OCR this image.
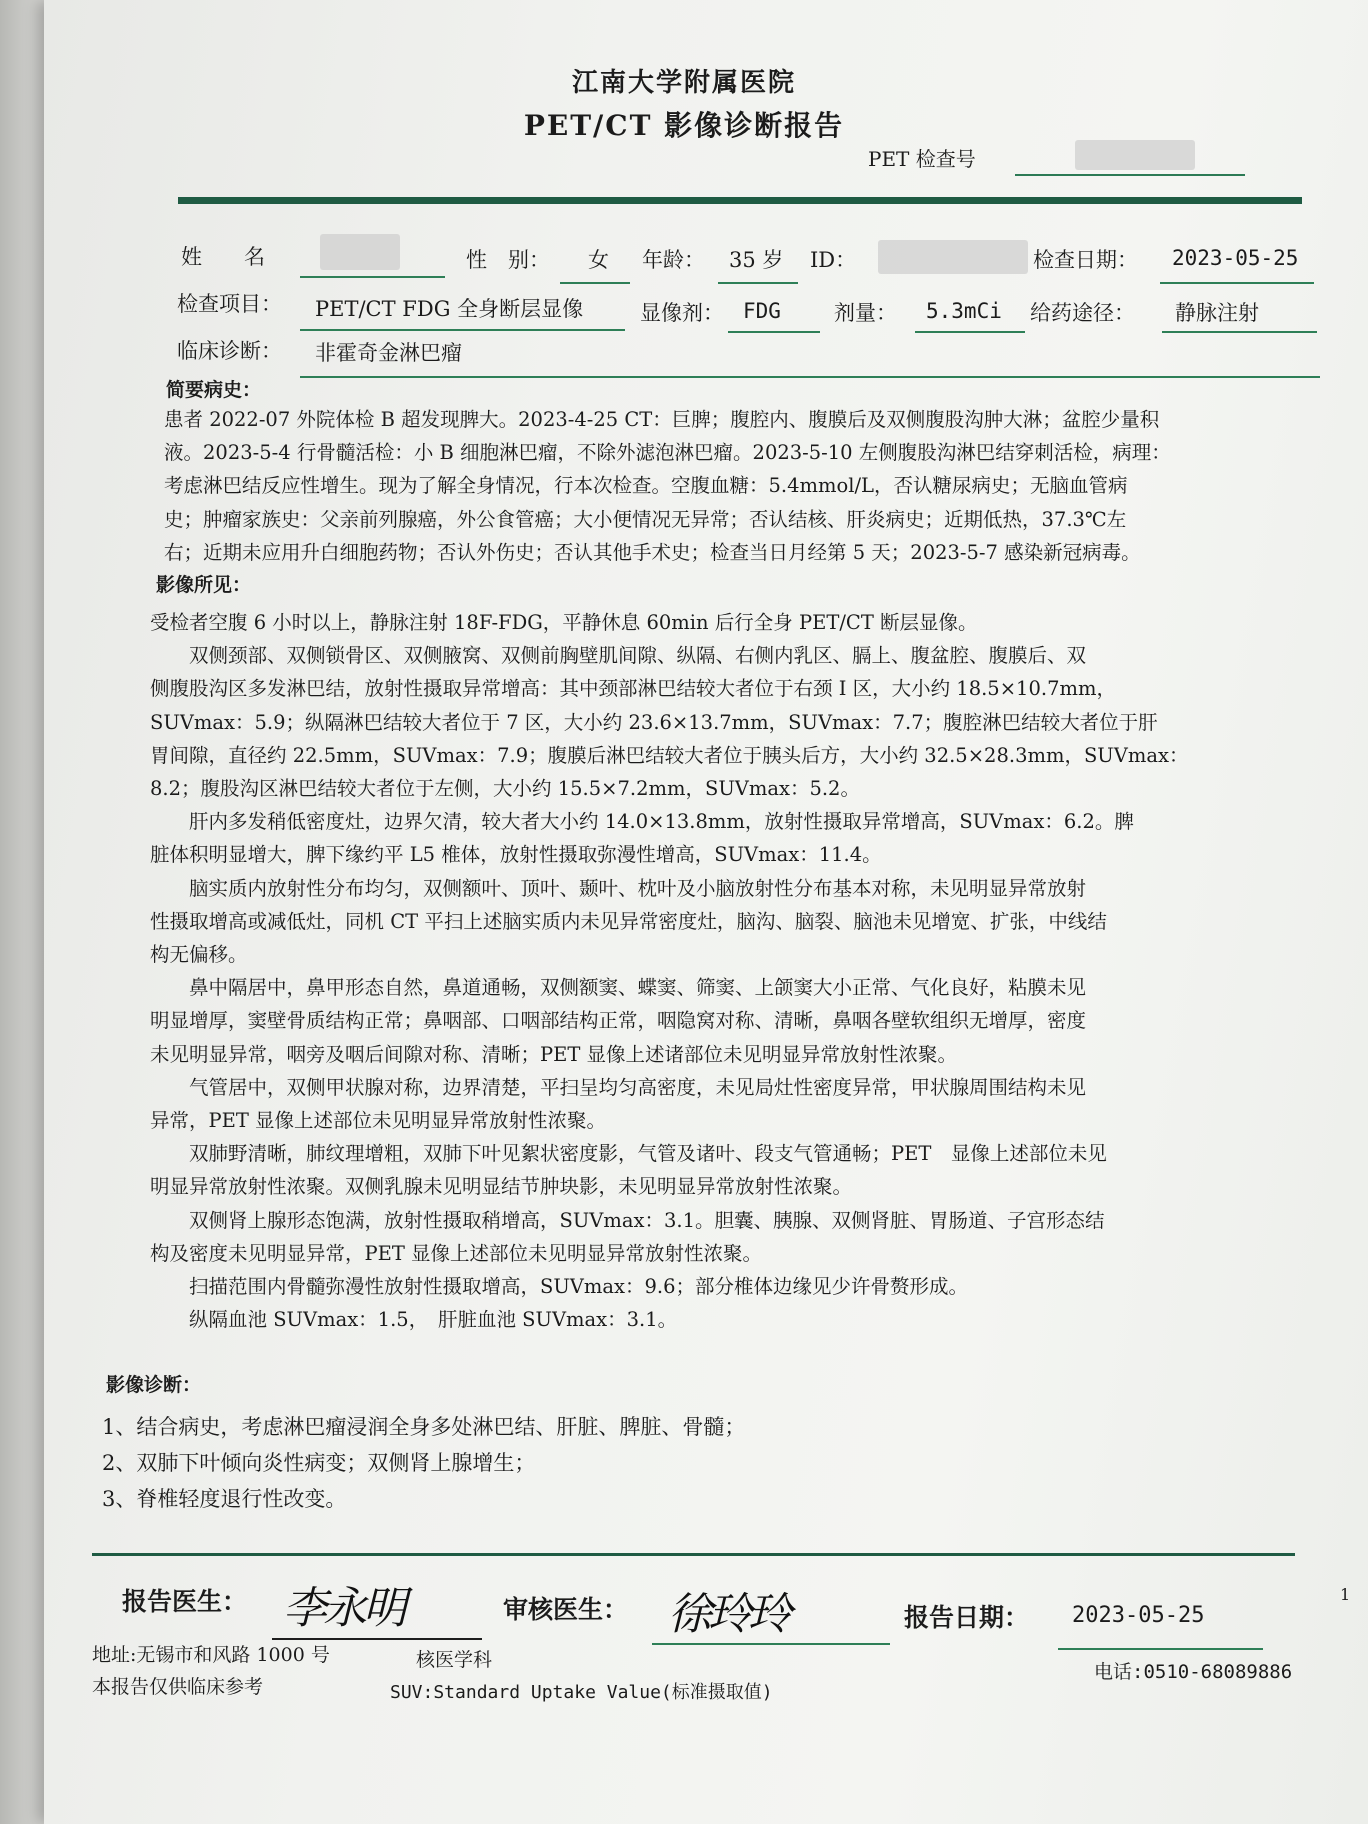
江南大学附属医院
PET/CT 影像诊断报告
PET 检查号
姓　　名	性　别： 女 年龄： 35 岁 ID：	检查日期： 2023-05-25
检查项目： PET/CT FDG 全身断层显像	显像剂： FDG	剂量： 5.3mCi 给药途径： 静脉注射
临床诊断： 非霍奇金淋巴瘤
简要病史：
患者 2022-07 外院体检 B 超发现脾大。2023-4-25 CT：巨脾；腹腔内、腹膜后及双侧腹股沟肿大淋；盆腔少量积
液。2023-5-4 行骨髓活检：小 B 细胞淋巴瘤，不除外滤泡淋巴瘤。2023-5-10 左侧腹股沟淋巴结穿刺活检，病理：
考虑淋巴结反应性增生。现为了解全身情况，行本次检查。空腹血糖：5.4mmol/L，否认糖尿病史；无脑血管病
史；肿瘤家族史：父亲前列腺癌，外公食管癌；大小便情况无异常；否认结核、肝炎病史；近期低热，37.3℃左
右；近期未应用升白细胞药物；否认外伤史；否认其他手术史；检查当日月经第 5 天；2023-5-7 感染新冠病毒。
影像所见：
受检者空腹 6 小时以上，静脉注射 18F-FDG，平静休息 60min 后行全身 PET/CT 断层显像。
　　双侧颈部、双侧锁骨区、双侧腋窝、双侧前胸壁肌间隙、纵隔、右侧内乳区、膈上、腹盆腔、腹膜后、双
侧腹股沟区多发淋巴结，放射性摄取异常增高：其中颈部淋巴结较大者位于右颈 I 区，大小约 18.5×10.7mm，
SUVmax：5.9；纵隔淋巴结较大者位于 7 区，大小约 23.6×13.7mm，SUVmax：7.7；腹腔淋巴结较大者位于肝
胃间隙，直径约 22.5mm，SUVmax：7.9；腹膜后淋巴结较大者位于胰头后方，大小约 32.5×28.3mm，SUVmax：
8.2；腹股沟区淋巴结较大者位于左侧，大小约 15.5×7.2mm，SUVmax：5.2。
　　肝内多发稍低密度灶，边界欠清，较大者大小约 14.0×13.8mm，放射性摄取异常增高，SUVmax：6.2。脾
脏体积明显增大，脾下缘约平 L5 椎体，放射性摄取弥漫性增高，SUVmax：11.4。
　　脑实质内放射性分布均匀，双侧额叶、顶叶、颞叶、枕叶及小脑放射性分布基本对称，未见明显异常放射
性摄取增高或减低灶，同机 CT 平扫上述脑实质内未见异常密度灶，脑沟、脑裂、脑池未见增宽、扩张，中线结
构无偏移。
　　鼻中隔居中，鼻甲形态自然，鼻道通畅，双侧额窦、蝶窦、筛窦、上颌窦大小正常、气化良好，粘膜未见
明显增厚，窦壁骨质结构正常；鼻咽部、口咽部结构正常，咽隐窝对称、清晰，鼻咽各壁软组织无增厚，密度
未见明显异常，咽旁及咽后间隙对称、清晰；PET 显像上述诸部位未见明显异常放射性浓聚。
　　气管居中，双侧甲状腺对称，边界清楚，平扫呈均匀高密度，未见局灶性密度异常，甲状腺周围结构未见
异常，PET 显像上述部位未见明显异常放射性浓聚。
　　双肺野清晰，肺纹理增粗，双肺下叶见絮状密度影，气管及诸叶、段支气管通畅；PET　显像上述部位未见
明显异常放射性浓聚。双侧乳腺未见明显结节肿块影，未见明显异常放射性浓聚。
　　双侧肾上腺形态饱满，放射性摄取稍增高，SUVmax：3.1。胆囊、胰腺、双侧肾脏、胃肠道、子宫形态结
构及密度未见明显异常，PET 显像上述部位未见明显异常放射性浓聚。
　　扫描范围内骨髓弥漫性放射性摄取增高，SUVmax：9.6；部分椎体边缘见少许骨赘形成。
　　纵隔血池 SUVmax：1.5，　肝脏血池 SUVmax：3.1。
影像诊断：
1、结合病史，考虑淋巴瘤浸润全身多处淋巴结、肝脏、脾脏、骨髓；
2、双肺下叶倾向炎性病变；双侧肾上腺增生；
3、脊椎轻度退行性改变。
报告医生： 李永明	审核医生： 徐玲玲	报告日期： 2023-05-25
1
地址:无锡市和风路 1000 号	核医学科
电话:0510-68089886
本报告仅供临床参考	SUV:Standard Uptake Value(标准摄取值)
